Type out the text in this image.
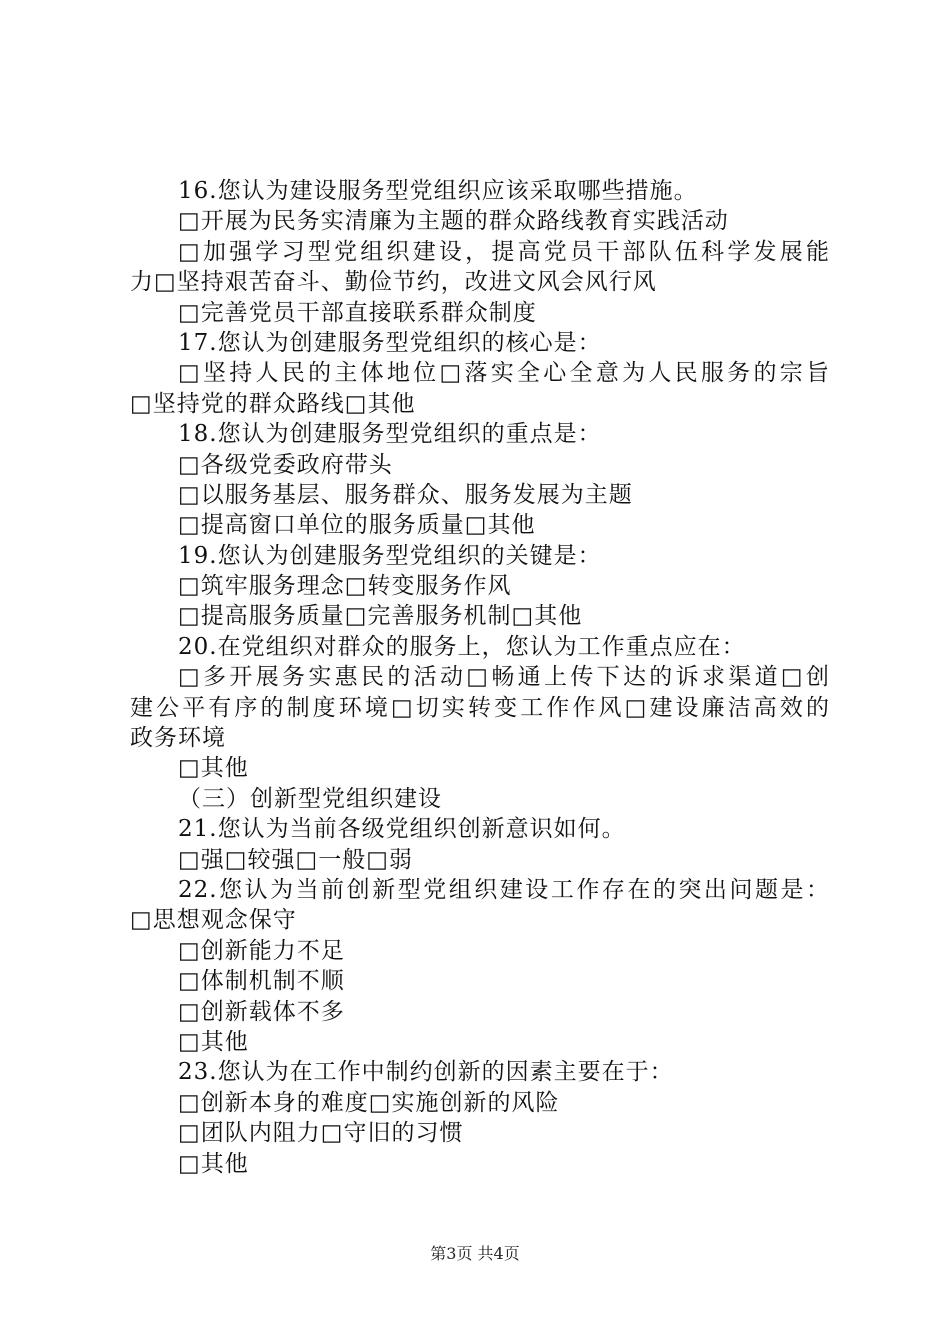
16.您认为建设服务型党组织应该采取哪些措施。
□开展为民务实清廉为主题的群众路线教育实践活动
□加强学习型党组织建设，提高党员干部队伍科学发展能
力□坚持艰苦奋斗、勤俭节约，改进文风会风行风
□完善党员干部直接联系群众制度
17.您认为创建服务型党组织的核心是：
□坚持人民的主体地位□落实全心全意为人民服务的宗旨
□坚持党的群众路线□其他
18.您认为创建服务型党组织的重点是：
□各级党委政府带头
□以服务基层、服务群众、服务发展为主题
□提高窗口单位的服务质量□其他
19.您认为创建服务型党组织的关键是：
□筑牢服务理念□转变服务作风
□提高服务质量□完善服务机制□其他
20.在党组织对群众的服务上，您认为工作重点应在：
□多开展务实惠民的活动□畅通上传下达的诉求渠道□创
建公平有序的制度环境□切实转变工作作风□建设廉洁高效的
政务环境
□其他
（三）创新型党组织建设
21.您认为当前各级党组织创新意识如何。
□强□较强□一般□弱
22.您认为当前创新型党组织建设工作存在的突出问题是：
□思想观念保守
□创新能力不足
□体制机制不顺
□创新载体不多
□其他
23.您认为在工作中制约创新的因素主要在于：
□创新本身的难度□实施创新的风险
□团队内阻力□守旧的习惯
□其他
第3页 共4页
